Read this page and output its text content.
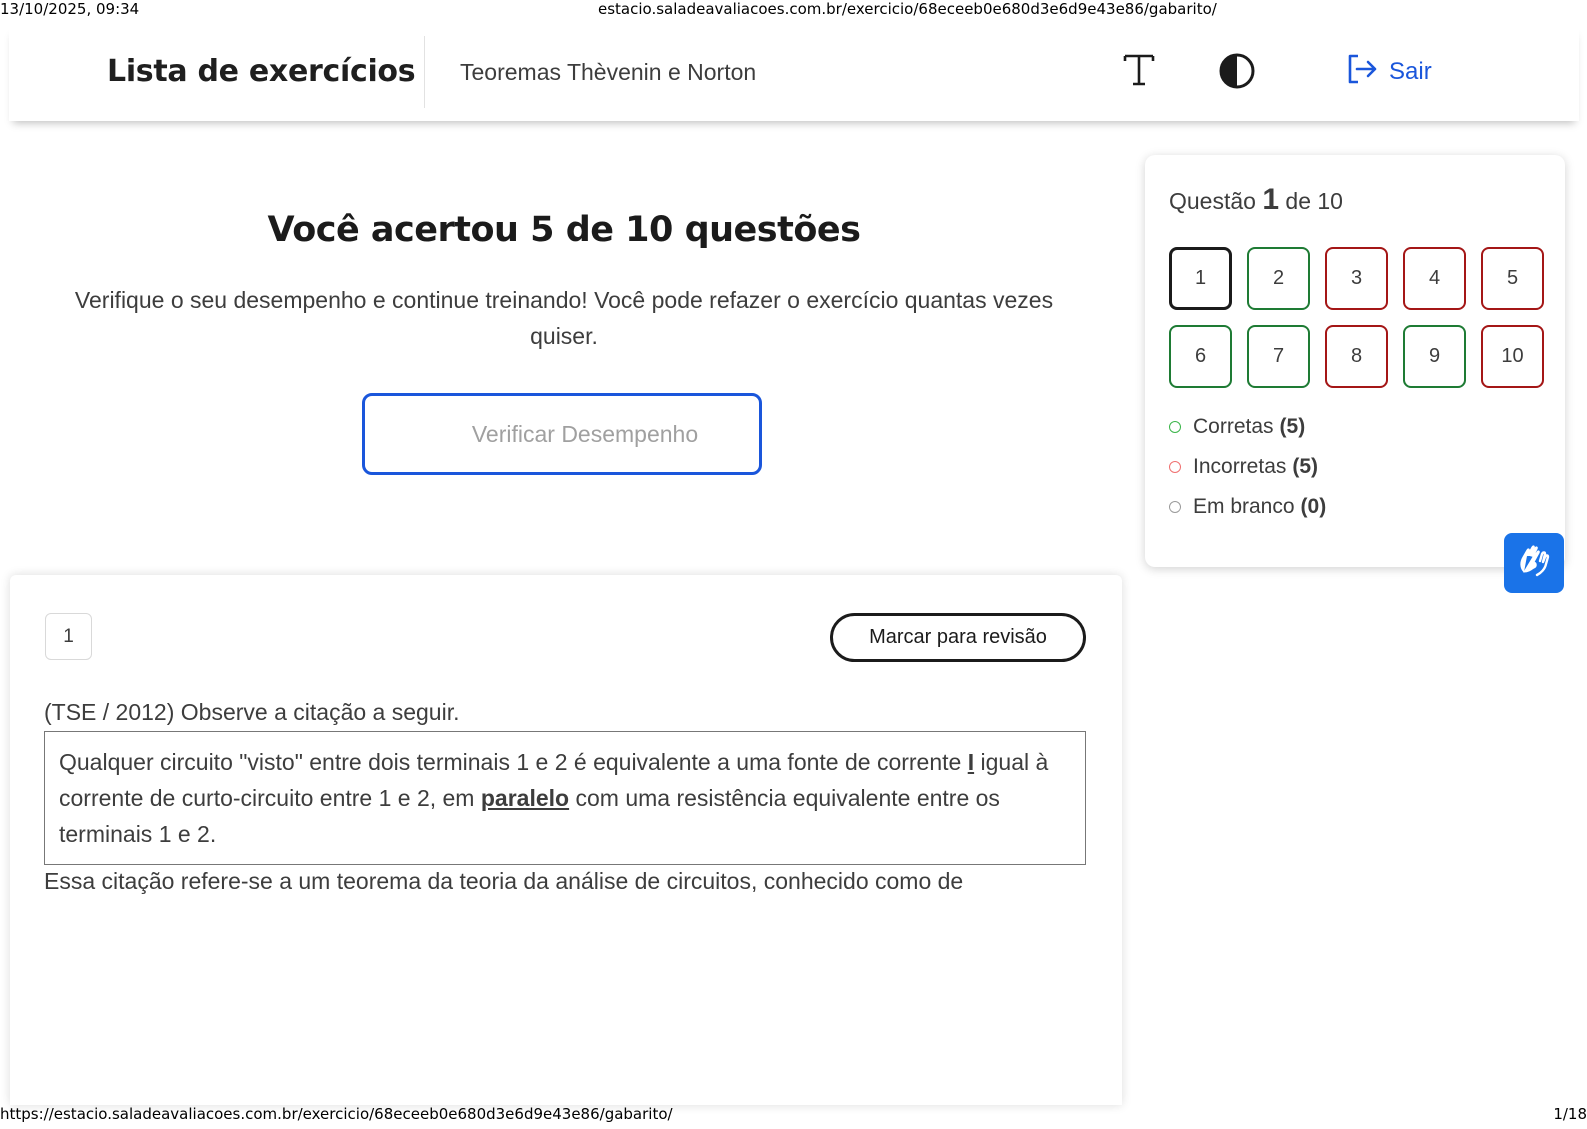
13/10/2025, 09:34	estacio.saladeavaliacoes.com.br/exercicio/68eceeb0e680d3e6d9e43e86/gabarito/
Lista de exercícios Teoremas Thèvenin e Norton	Sair
Você acertou 5 de 10 questões

Verifique o seu desempenho e continue treinando! Você pode refazer o exercício quantas vezes quiser.

Verificar Desempenho
Questão 1 de 10
1	2	3	4	5
6	7	8	9	10
Corretas (5)
Incorretas (5)
Em branco (0)
1	Marcar para revisão
(TSE / 2012) Observe a citação a seguir.
Qualquer circuito "visto" entre dois terminais 1 e 2 é equivalente a uma fonte de corrente I igual à corrente de curto-circuito entre 1 e 2, em paralelo com uma resistência equivalente entre os terminais 1 e 2.
Essa citação refere-se a um teorema da teoria da análise de circuitos, conhecido como de
https://estacio.saladeavaliacoes.com.br/exercicio/68eceeb0e680d3e6d9e43e86/gabarito/	1/18
